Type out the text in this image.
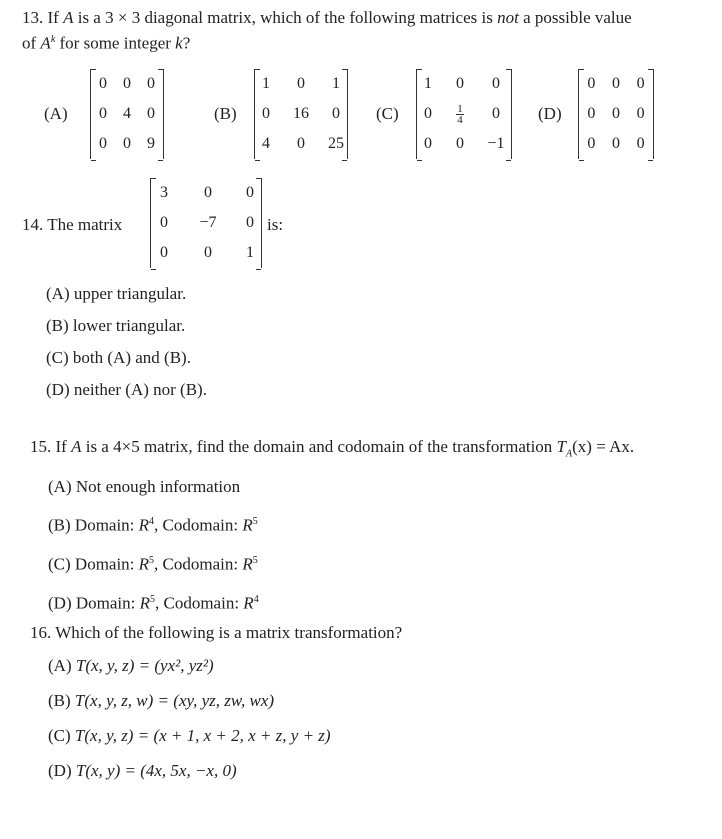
13. If A is a 3 × 3 diagonal matrix, which of the following matrices is not a possible value
of $A^k$ for some integer k?
(A)
0	0	0
0	4	0
0	0	9
(B)
1	0	1
0	16	0
4	0	25
(C)
1	0	0
0	$\frac{1}{4}$	0
0	0	−1
(D)
0	0	0
0	0	0
0	0	0
14. The matrix
3	0	0
0	−7	0
0	0	1
is:
(A) upper triangular.
(B) lower triangular.
(C) both (A) and (B).
(D) neither (A) nor (B).
15. If A is a 4×5 matrix, find the domain and codomain of the transformation $T_A(x) = Ax$.
(A) Not enough information
(B) Domain: $R^4$, Codomain: $R^5$
(C) Domain: $R^5$, Codomain: $R^5$
(D) Domain: $R^5$, Codomain: $R^4$
16. Which of the following is a matrix transformation?
(A) T(x, y, z) = (yx², yz²)
(B) T(x, y, z, w) = (xy, yz, zw, wx)
(C) T(x, y, z) = (x + 1, x + 2, x + z, y + z)
(D) T(x, y) = (4x, 5x, −x, 0)
